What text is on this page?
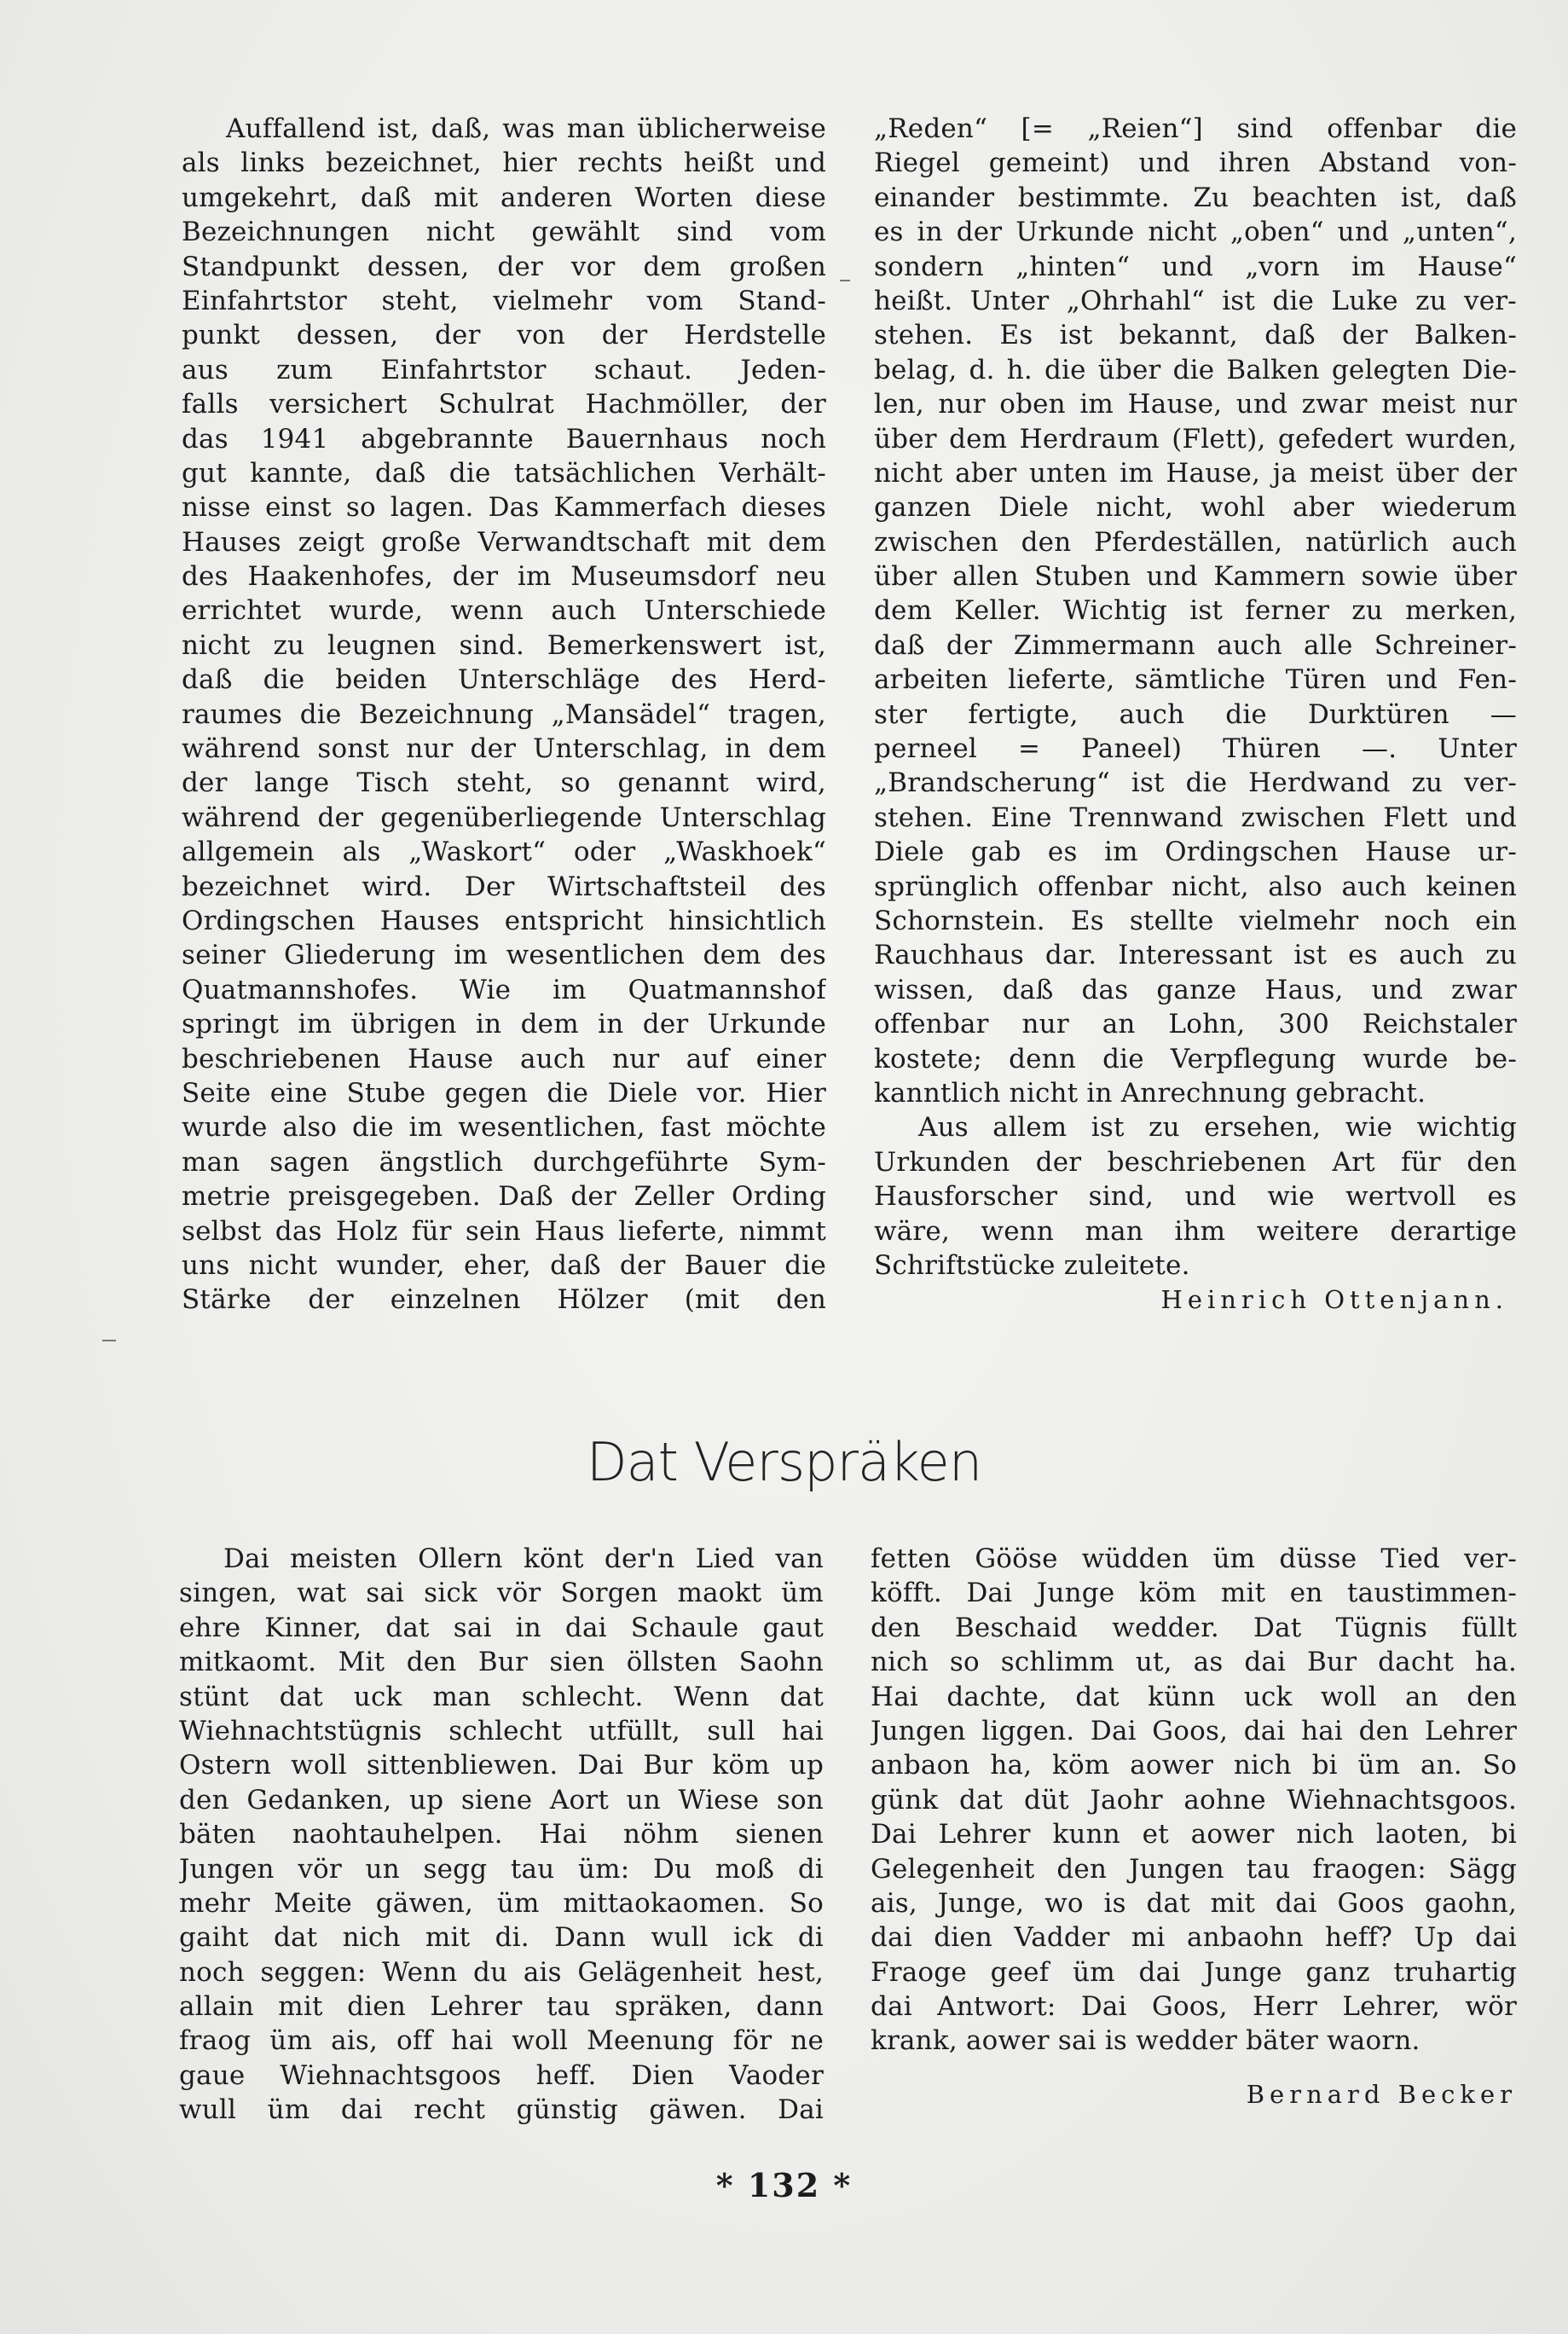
Auffallend ist, daß, was man üblicherweise
als links bezeichnet, hier rechts heißt und
umgekehrt, daß mit anderen Worten diese
Bezeichnungen nicht gewählt sind vom
Standpunkt dessen, der vor dem großen
Einfahrtstor steht, vielmehr vom Stand-
punkt dessen, der von der Herdstelle
aus zum Einfahrtstor schaut. Jeden-
falls versichert Schulrat Hachmöller, der
das 1941 abgebrannte Bauernhaus noch
gut kannte, daß die tatsächlichen Verhält-
nisse einst so lagen. Das Kammerfach dieses
Hauses zeigt große Verwandtschaft mit dem
des Haakenhofes, der im Museumsdorf neu
errichtet wurde, wenn auch Unterschiede
nicht zu leugnen sind. Bemerkenswert ist,
daß die beiden Unterschläge des Herd-
raumes die Bezeichnung „Mansädel“ tragen,
während sonst nur der Unterschlag, in dem
der lange Tisch steht, so genannt wird,
während der gegenüberliegende Unterschlag
allgemein als „Waskort“ oder „Waskhoek“
bezeichnet wird. Der Wirtschaftsteil des
Ordingschen Hauses entspricht hinsichtlich
seiner Gliederung im wesentlichen dem des
Quatmannshofes. Wie im Quatmannshof
springt im übrigen in dem in der Urkunde
beschriebenen Hause auch nur auf einer
Seite eine Stube gegen die Diele vor. Hier
wurde also die im wesentlichen, fast möchte
man sagen ängstlich durchgeführte Sym-
metrie preisgegeben. Daß der Zeller Ording
selbst das Holz für sein Haus lieferte, nimmt
uns nicht wunder, eher, daß der Bauer die
Stärke der einzelnen Hölzer (mit den
„Reden“ [= „Reien“] sind offenbar die
Riegel gemeint) und ihren Abstand von-
einander bestimmte. Zu beachten ist, daß
es in der Urkunde nicht „oben“ und „unten“,
sondern „hinten“ und „vorn im Hause“
heißt. Unter „Ohrhahl“ ist die Luke zu ver-
stehen. Es ist bekannt, daß der Balken-
belag, d. h. die über die Balken gelegten Die-
len, nur oben im Hause, und zwar meist nur
über dem Herdraum (Flett), gefedert wurden,
nicht aber unten im Hause, ja meist über der
ganzen Diele nicht, wohl aber wiederum
zwischen den Pferdeställen, natürlich auch
über allen Stuben und Kammern sowie über
dem Keller. Wichtig ist ferner zu merken,
daß der Zimmermann auch alle Schreiner-
arbeiten lieferte, sämtliche Türen und Fen-
ster fertigte, auch die Durktüren —
perneel = Paneel) Thüren —. Unter
„Brandscherung“ ist die Herdwand zu ver-
stehen. Eine Trennwand zwischen Flett und
Diele gab es im Ordingschen Hause ur-
sprünglich offenbar nicht, also auch keinen
Schornstein. Es stellte vielmehr noch ein
Rauchhaus dar. Interessant ist es auch zu
wissen, daß das ganze Haus, und zwar
offenbar nur an Lohn, 300 Reichstaler
kostete; denn die Verpflegung wurde be-
kanntlich nicht in Anrechnung gebracht.
Aus allem ist zu ersehen, wie wichtig
Urkunden der beschriebenen Art für den
Hausforscher sind, und wie wertvoll es
wäre, wenn man ihm weitere derartige
Schriftstücke zuleitete.
Heinrich Ottenjann.
Dat Versprӓken
Dai meisten Ollern könt der'n Lied van
singen, wat sai sick vör Sorgen maokt üm
ehre Kinner, dat sai in dai Schaule gaut
mitkaomt. Mit den Bur sien öllsten Saohn
stünt dat uck man schlecht. Wenn dat
Wiehnachtstügnis schlecht utfüllt, sull hai
Ostern woll sittenbliewen. Dai Bur köm up
den Gedanken, up siene Aort un Wiese son
bäten naohtauhelpen. Hai nöhm sienen
Jungen vör un segg tau üm: Du moß di
mehr Meite gäwen, üm mittaokaomen. So
gaiht dat nich mit di. Dann wull ick di
noch seggen: Wenn du ais Gelägenheit hest,
allain mit dien Lehrer tau spräken, dann
fraog üm ais, off hai woll Meenung för ne
gaue Wiehnachtsgoos heff. Dien Vaoder
wull üm dai recht günstig gäwen. Dai
fetten Gööse wüdden üm düsse Tied ver-
köfft. Dai Junge köm mit en taustimmen-
den Beschaid wedder. Dat Tügnis füllt
nich so schlimm ut, as dai Bur dacht ha.
Hai dachte, dat künn uck woll an den
Jungen liggen. Dai Goos, dai hai den Lehrer
anbaon ha, köm aower nich bi üm an. So
günk dat düt Jaohr aohne Wiehnachtsgoos.
Dai Lehrer kunn et aower nich laoten, bi
Gelegenheit den Jungen tau fraogen: Sägg
ais, Junge, wo is dat mit dai Goos gaohn,
dai dien Vadder mi anbaohn heff? Up dai
Fraoge geef üm dai Junge ganz truhartig
dai Antwort: Dai Goos, Herr Lehrer, wör
krank, aower sai is wedder bäter waorn.
Bernard Becker
* 132 *
